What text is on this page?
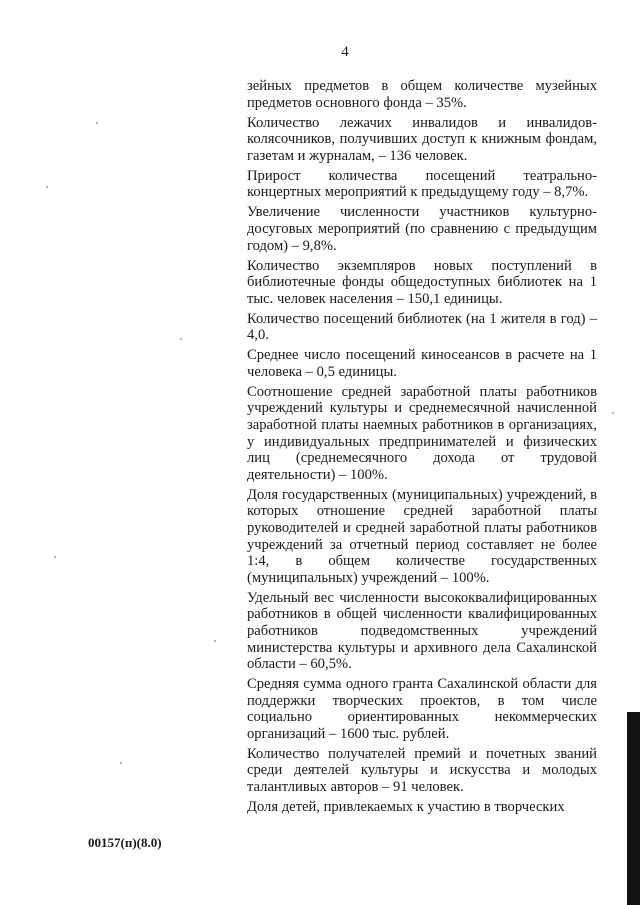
4

зейных предметов в общем количестве музейных предметов основного фонда – 35%.

Количество лежачих инвалидов и инвалидов-колясочников, получивших доступ к книжным фондам, газетам и журналам, – 136 человек.

Прирост количества посещений театрально-концертных мероприятий к предыдущему году – 8,7%.

Увеличение численности участников культурно-досуговых мероприятий (по сравнению с предыдущим годом) – 9,8%.

Количество экземпляров новых поступлений в библиотечные фонды общедоступных библиотек на 1 тыс. человек населения – 150,1 единицы.

Количество посещений библиотек (на 1 жителя в год) – 4,0.

Среднее число посещений киносеансов в расчете на 1 человека – 0,5 единицы.

Соотношение средней заработной платы работников учреждений культуры и среднемесячной начисленной заработной платы наемных работников в организациях, у индивидуальных предпринимателей и физических лиц (среднемесячного дохода от трудовой деятельности) – 100%.

Доля государственных (муниципальных) учреждений, в которых отношение средней заработной платы руководителей и средней заработной платы работников учреждений за отчетный период составляет не более 1:4, в общем количестве государственных (муниципальных) учреждений – 100%.

Удельный вес численности высококвалифицированных работников в общей численности квалифицированных работников подведомственных учреждений министерства культуры и архивного дела Сахалинской области – 60,5%.

Средняя сумма одного гранта Сахалинской области для поддержки творческих проектов, в том числе социально ориентированных некоммерческих организаций – 1600 тыс. рублей.

Количество получателей премий и почетных званий среди деятелей культуры и искусства и молодых талантливых авторов – 91 человек.

Доля детей, привлекаемых к участию в творческих

00157(п)(8.0)
